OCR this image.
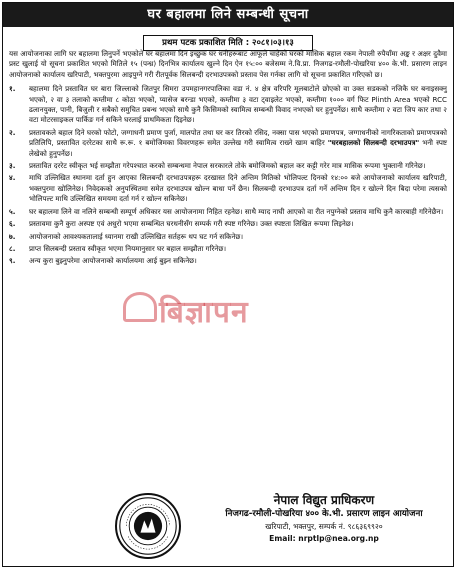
घर बहालमा लिने सम्बन्धी सूचना
प्रथम पटक प्रकाशित मिति : २०८१।०३।१३

यस आयोजनाका लागि घर बहालमा लिनुपर्ने भएकोले घर बहालमा दिन इच्छुक घर धनीहरूबाट आफूले चाहेको घरको मासिक बहाल रकम नेपाली रुपैयाँमा अङ्क र अक्षर दुवैमा प्रस्ट खुलाई यो सूचना प्रकाशित भएको मितिले १५ (पन्ध्र) दिनभित्र कार्यालय खुल्ने दिन ऐन १५:०० बजेसम्म ने.वि.प्रा. निजगढ-रमौली-पोखरिया ४०० के.भी. प्रसारण लाइन आयोजनाको कार्यालय खरिपाटी, भक्तपुरमा आइपुग्ने गरी रीतपूर्वक सिलबन्दी दरभाउपत्रको प्रस्ताव पेस गर्नका लागि यो सूचना प्रकाशित गरिएको छ।

१.	बहालमा दिने प्रस्तावित घर बारा जिल्लाको जितपुर सिमरा उपमहानगरपालिका वडा नं. ४ क्षेत्र वरिपरि मूलबाटोले छोएको वा उक्त सडकको नजिकै घर बनाइसक्नु भएको, २ वा ३ तलाको कम्तीमा ८ कोठा भएको, प्यासेज बरन्डा भएको, कम्तीमा ३ वटा ट्वाइलेट भएको, कम्तीमा १००० वर्ग फिट Plinth Area भएको RCC ढलानयुक्त, पानी, बिजुली र सबैको समुचित प्रबन्ध भएको साथै कुनै किसिमको स्वामित्व सम्बन्धी विवाद नभएको घर हुनुपर्नेछ। साथै कम्तीमा २ वटा जिप कार तथा २ वटा मोटरसाइकल पार्किङ गर्न सकिने घरलाई प्राथमिकता दिइनेछ।
२.	प्रस्तावकले बहाल दिने घरको फोटो, जग्गाधनी प्रमाण पुर्जा, मालपोत तथा घर कर तिरको रसिद, नक्सा पास भएको प्रमाणपत्र, जग्गाधनीको नागरिकताको प्रमाणपत्रको प्रतिलिपि, प्रस्तावित दररेटका साथै रू.रू. १ बमोजिमका विवरणहरू समेत उल्लेख गरी स्वामित्व राख्ने खाम बाहिर "घरबहालको सिलबन्दी दरभाउपत्र" भनी स्पष्ट लेखेको हुनुपर्नेछ।
३.	प्रस्तावित दररेट स्वीकृत भई सम्झौता गरेपश्चात करको सम्बन्धमा नेपाल सरकारले तोके बमोजिमको बहाल कर कट्टी गरेर मात्र मासिक रूपमा भुक्तानी गरिनेछ।
४.	माथि उल्लिखित स्थानमा दर्ता हुन आएका सिलबन्दी दरभाउपत्रहरू दरखास्त दिने अन्तिम मितिको भोलिपल्ट दिनको १४:०० बजे आयोजनाको कार्यालय खरिपाटी, भक्तपुरमा खोलिनेछ। निवेदकको अनुपस्थितमा समेत दरभाउपत्र खोल्न बाधा पर्ने छैन। सिलबन्दी दरभाउपत्र दर्ता गर्ने अन्तिम दिन र खोल्ने दिन बिदा परेमा त्यसको भोलिपल्ट माथि उल्लिखित समयमा दर्ता गर्न र खोल्न सकिनेछ।
५.	घर बहालमा लिने वा नलिने सम्बन्धी सम्पूर्ण अधिकार यस आयोजनामा निहित रहनेछ। साथै म्याद नाघी आएको वा रीत नपुग्नेको प्रस्ताव माथि कुनै कारबाही गरिनेछैन।
६.	प्रस्तावमा कुनै कुरा अस्पष्ट एवं अधुरो भएमा सम्बन्धित घरधनीसँग सम्पर्क गरी स्पष्ट गरिनेछ। उक्त स्पष्टता लिखित रूपमा लिइनेछ।
७.	आयोजनाको आवश्यकतालाई ध्यानमा राखी उल्लिखित सर्तहरू थप घट गर्न सकिनेछ।
८.	प्राप्त सिलबन्दी प्रस्ताव स्वीकृत भएमा नियमानुसार घर बहाल सम्झौता गरिनेछ।
९.	अन्य कुरा बुझ्नुपरेमा आयोजनाको कार्यालयमा आई बुझ्न सकिनेछ।
बिज्ञापन
नेपाल विद्युत प्राधिकरण
निजगढ-रमौली-पोखरिया ४०० के.भी. प्रसारण लाइन आयोजना
खरिपाटी, भक्तपुर, सम्पर्क नं. ९८६३६९९२०
Email: nrptlp@nea.org.np
